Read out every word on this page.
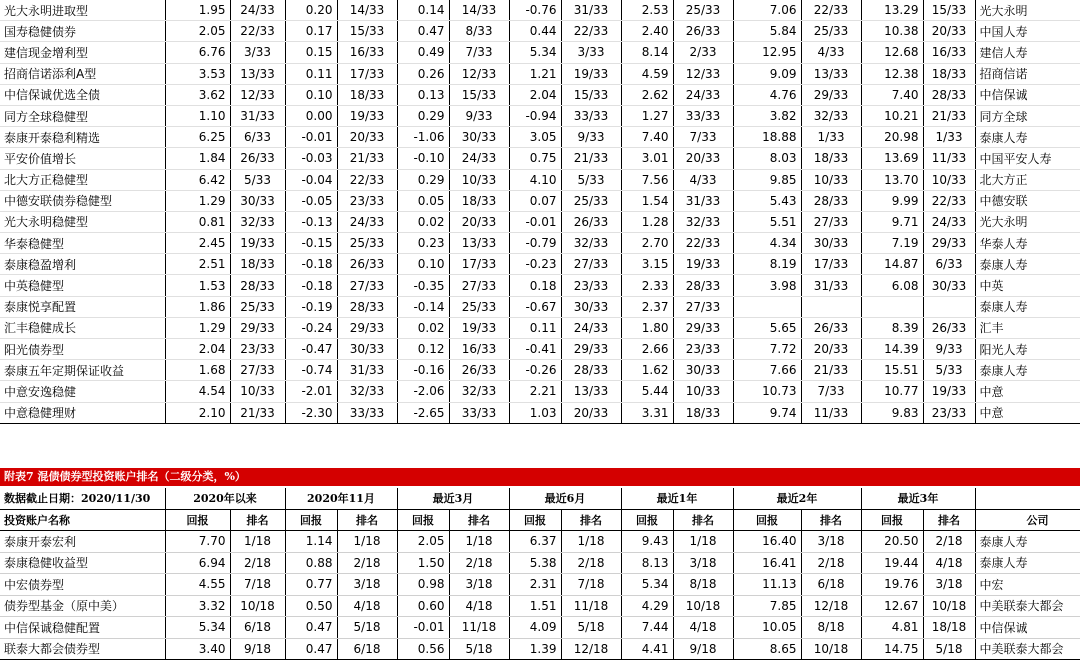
光大永明进取型	1.95	24/33	0.20	14/33	0.14	14/33	-0.76	31/33	2.53	25/33	7.06	22/33	13.29	15/33	光大永明
国寿稳健债券	2.05	22/33	0.17	15/33	0.47	8/33	0.44	22/33	2.40	26/33	5.84	25/33	10.38	20/33	中国人寿
建信现金增利型	6.76	3/33	0.15	16/33	0.49	7/33	5.34	3/33	8.14	2/33	12.95	4/33	12.68	16/33	建信人寿
招商信诺添利A型	3.53	13/33	0.11	17/33	0.26	12/33	1.21	19/33	4.59	12/33	9.09	13/33	12.38	18/33	招商信诺
中信保诚优选全债	3.62	12/33	0.10	18/33	0.13	15/33	2.04	15/33	2.62	24/33	4.76	29/33	7.40	28/33	中信保诚
同方全球稳健型	1.10	31/33	0.00	19/33	0.29	9/33	-0.94	33/33	1.27	33/33	3.82	32/33	10.21	21/33	同方全球
泰康开泰稳利精选	6.25	6/33	-0.01	20/33	-1.06	30/33	3.05	9/33	7.40	7/33	18.88	1/33	20.98	1/33	泰康人寿
平安价值增长	1.84	26/33	-0.03	21/33	-0.10	24/33	0.75	21/33	3.01	20/33	8.03	18/33	13.69	11/33	中国平安人寿
北大方正稳健型	6.42	5/33	-0.04	22/33	0.29	10/33	4.10	5/33	7.56	4/33	9.85	10/33	13.70	10/33	北大方正
中德安联债券稳健型	1.29	30/33	-0.05	23/33	0.05	18/33	0.07	25/33	1.54	31/33	5.43	28/33	9.99	22/33	中德安联
光大永明稳健型	0.81	32/33	-0.13	24/33	0.02	20/33	-0.01	26/33	1.28	32/33	5.51	27/33	9.71	24/33	光大永明
华泰稳健型	2.45	19/33	-0.15	25/33	0.23	13/33	-0.79	32/33	2.70	22/33	4.34	30/33	7.19	29/33	华泰人寿
泰康稳盈增利	2.51	18/33	-0.18	26/33	0.10	17/33	-0.23	27/33	3.15	19/33	8.19	17/33	14.87	6/33	泰康人寿
中英稳健型	1.53	28/33	-0.18	27/33	-0.35	27/33	0.18	23/33	2.33	28/33	3.98	31/33	6.08	30/33	中英
泰康悦享配置	1.86	25/33	-0.19	28/33	-0.14	25/33	-0.67	30/33	2.37	27/33					泰康人寿
汇丰稳健成长	1.29	29/33	-0.24	29/33	0.02	19/33	0.11	24/33	1.80	29/33	5.65	26/33	8.39	26/33	汇丰
阳光债券型	2.04	23/33	-0.47	30/33	0.12	16/33	-0.41	29/33	2.66	23/33	7.72	20/33	14.39	9/33	阳光人寿
泰康五年定期保证收益	1.68	27/33	-0.74	31/33	-0.16	26/33	-0.26	28/33	1.62	30/33	7.66	21/33	15.51	5/33	泰康人寿
中意安逸稳健	4.54	10/33	-2.01	32/33	-2.06	32/33	2.21	13/33	5.44	10/33	10.73	7/33	10.77	19/33	中意
中意稳健理财	2.10	21/33	-2.30	33/33	-2.65	33/33	1.03	20/33	3.31	18/33	9.74	11/33	9.83	23/33	中意
附表7 混债债券型投资账户排名（二级分类，%）
数据截止日期：2020/11/30	2020年以来		2020年11月		最近3月		最近6月		最近1年		最近2年		最近3年		
投资账户名称	回报	排名	回报	排名	回报	排名	回报	排名	回报	排名	回报	排名	回报	排名	公司
泰康开泰宏利	7.70	1/18	1.14	1/18	2.05	1/18	6.37	1/18	9.43	1/18	16.40	3/18	20.50	2/18	泰康人寿
泰康稳健收益型	6.94	2/18	0.88	2/18	1.50	2/18	5.38	2/18	8.13	3/18	16.41	2/18	19.44	4/18	泰康人寿
中宏债券型	4.55	7/18	0.77	3/18	0.98	3/18	2.31	7/18	5.34	8/18	11.13	6/18	19.76	3/18	中宏
债券型基金（原中美）	3.32	10/18	0.50	4/18	0.60	4/18	1.51	11/18	4.29	10/18	7.85	12/18	12.67	10/18	中美联泰大都会
中信保诚稳健配置	5.34	6/18	0.47	5/18	-0.01	11/18	4.09	5/18	7.44	4/18	10.05	8/18	4.81	18/18	中信保诚
联泰大都会债券型	3.40	9/18	0.47	6/18	0.56	5/18	1.39	12/18	4.41	9/18	8.65	10/18	14.75	5/18	中美联泰大都会
